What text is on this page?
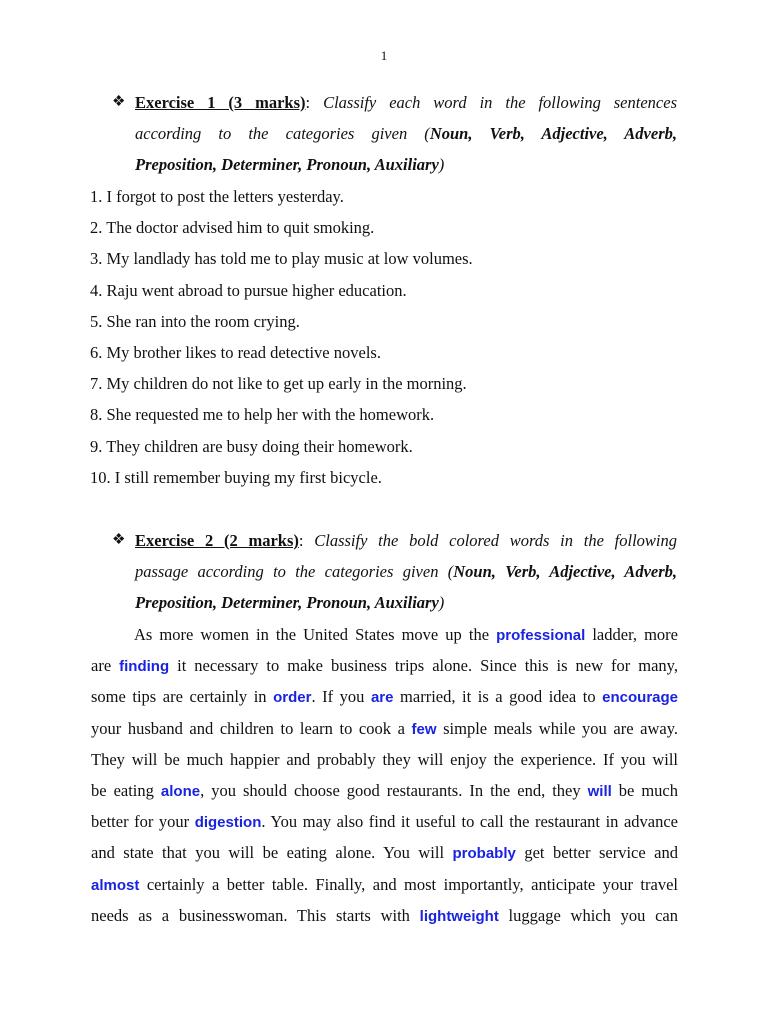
1
❖ Exercise 1 (3 marks): Classify each word in the following sentences
according to the categories given (Noun, Verb, Adjective, Adverb,
Preposition, Determiner, Pronoun, Auxiliary)
1. I forgot to post the letters yesterday.
2. The doctor advised him to quit smoking.
3. My landlady has told me to play music at low volumes.
4. Raju went abroad to pursue higher education.
5. She ran into the room crying.
6. My brother likes to read detective novels.
7. My children do not like to get up early in the morning.
8. She requested me to help her with the homework.
9. They children are busy doing their homework.
10. I still remember buying my first bicycle.
❖ Exercise 2 (2 marks): Classify the bold colored words in the following
passage according to the categories given (Noun, Verb, Adjective, Adverb,
Preposition, Determiner, Pronoun, Auxiliary)
As more women in the United States move up the professional ladder, more
are finding it necessary to make business trips alone. Since this is new for many,
some tips are certainly in order. If you are married, it is a good idea to encourage
your husband and children to learn to cook a few simple meals while you are away.
They will be much happier and probably they will enjoy the experience. If you will
be eating alone, you should choose good restaurants. In the end, they will be much
better for your digestion. You may also find it useful to call the restaurant in advance
and state that you will be eating alone. You will probably get better service and
almost certainly a better table. Finally, and most importantly, anticipate your travel
needs as a businesswoman. This starts with lightweight luggage which you can
